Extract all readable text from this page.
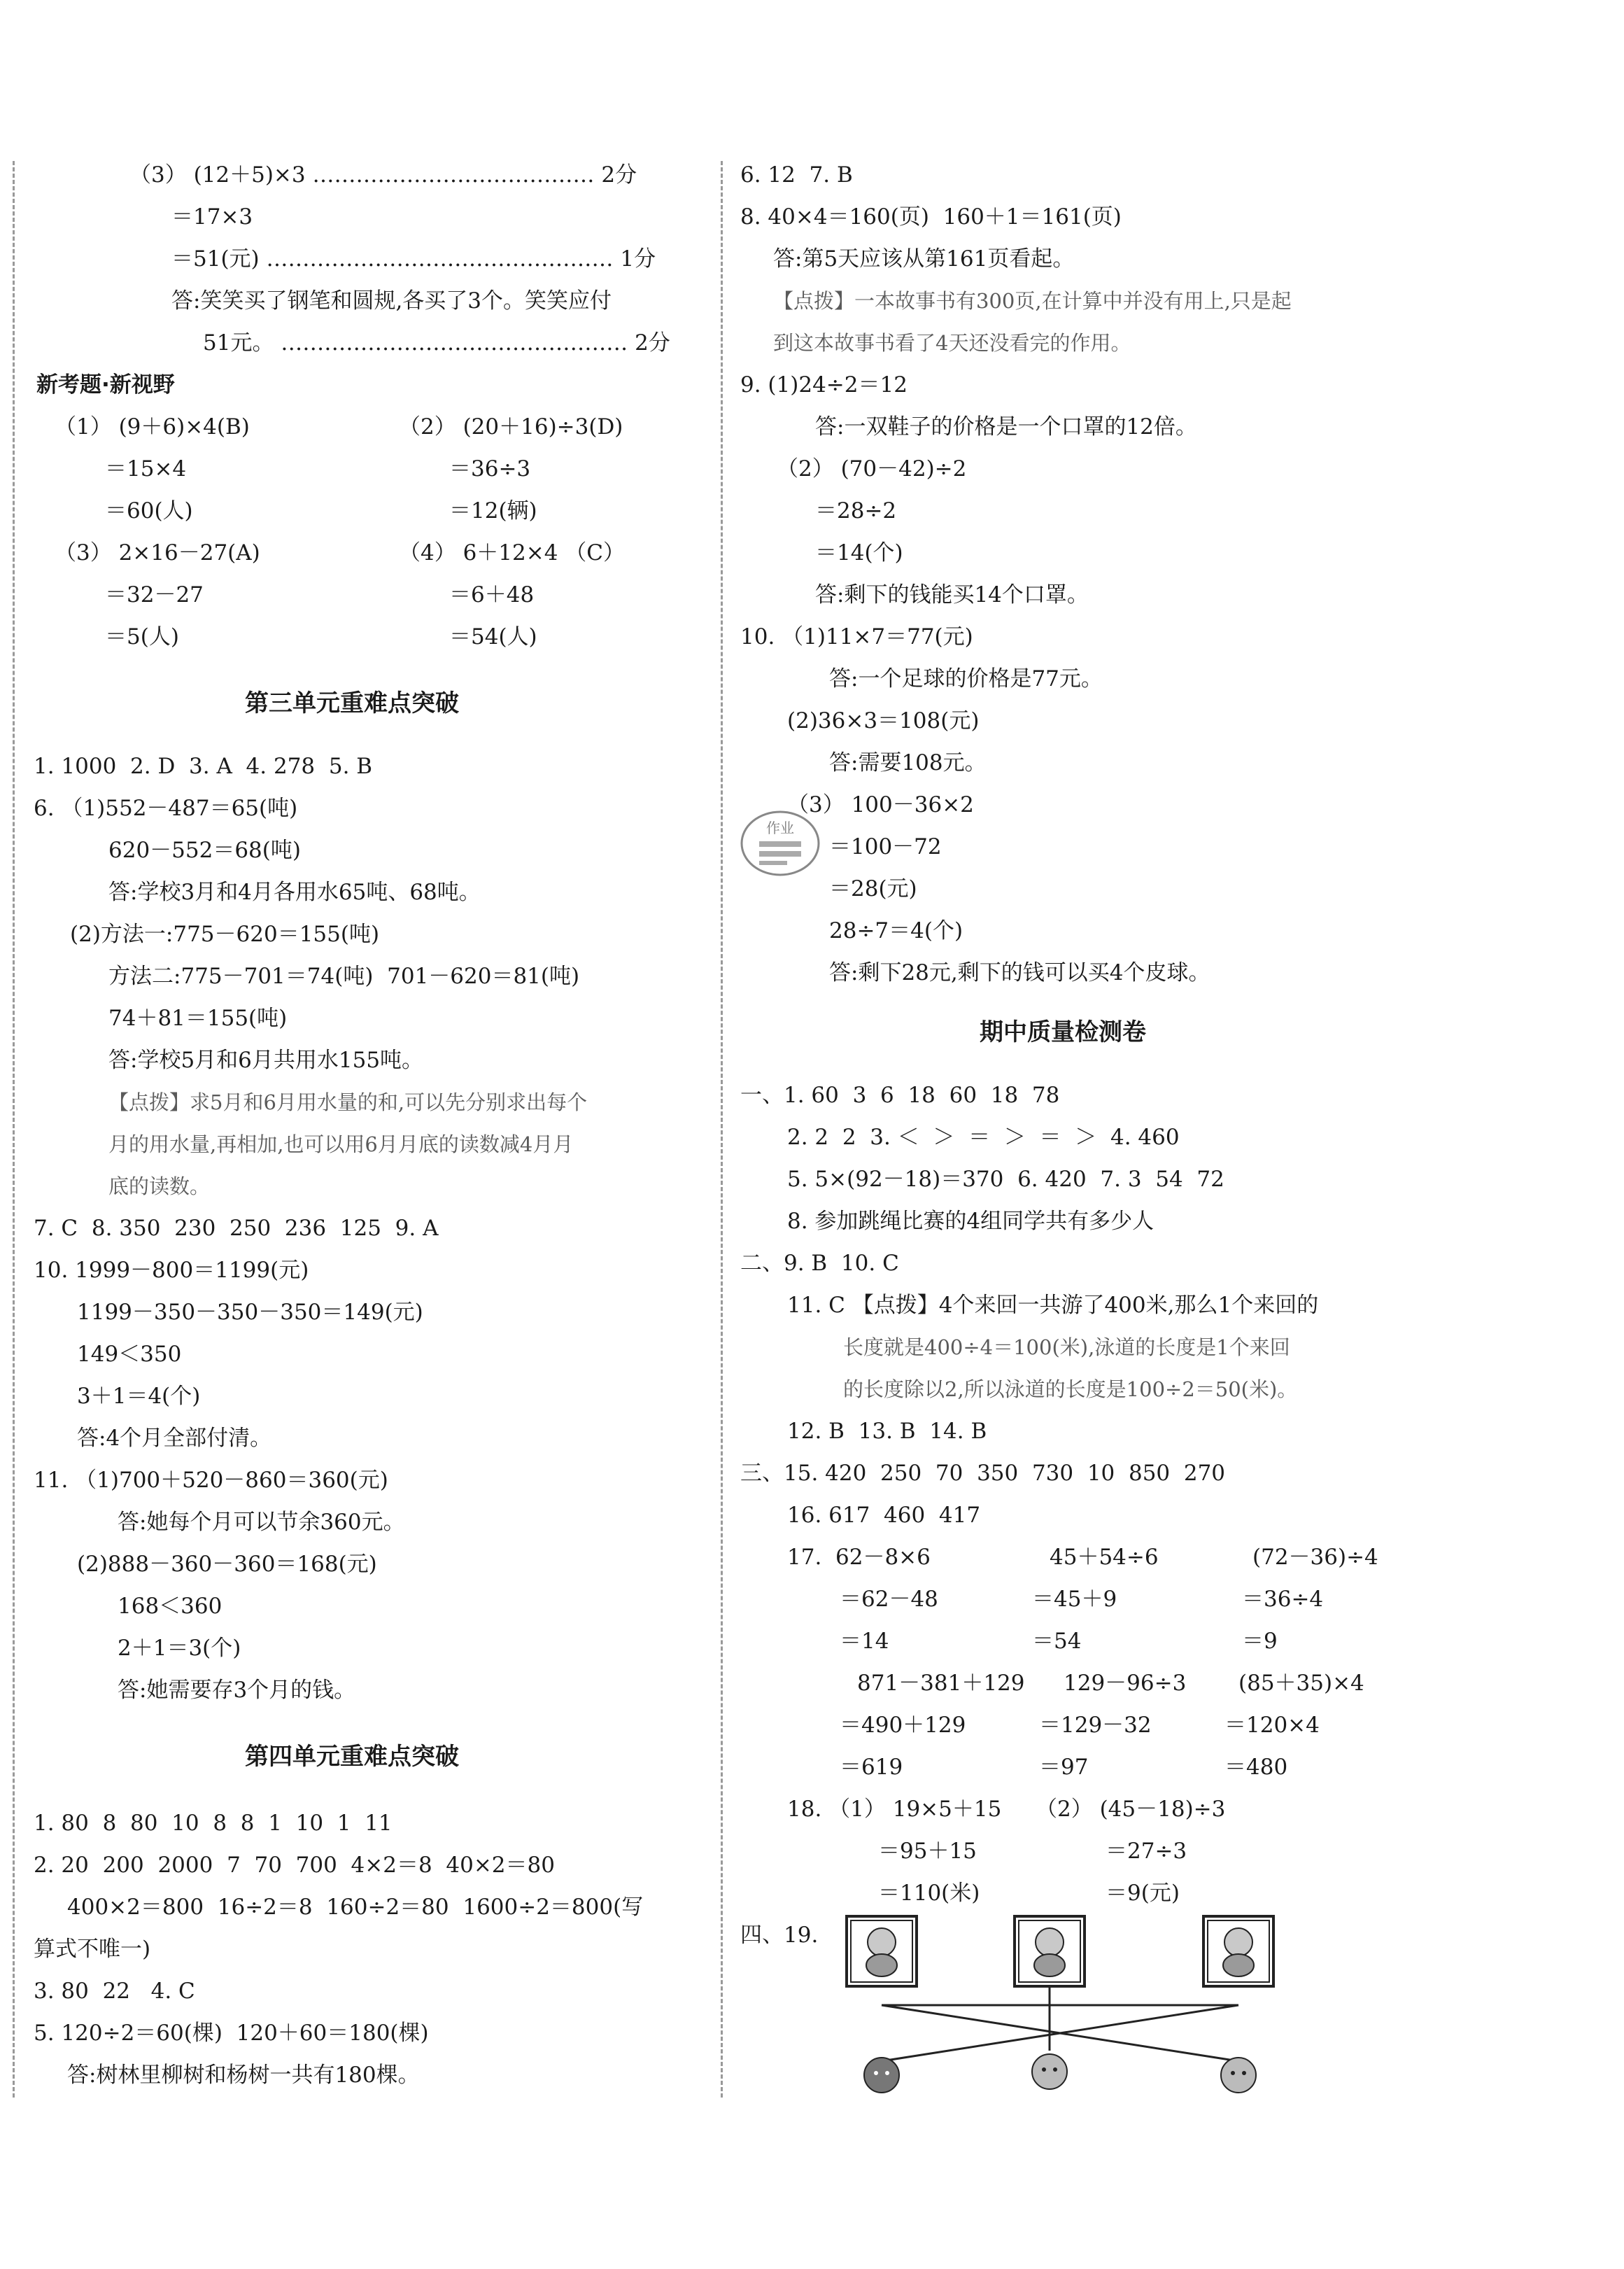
（3） (12＋5)×3 ………………………………… 2分
＝17×3
＝51(元) ………………………………………… 1分
答:笑笑买了钢笔和圆规,各买了3个。笑笑应付
51元。 ………………………………………… 2分
新考题·新视野
（1） (9＋6)×4(B)	（2） (20＋16)÷3(D)
＝15×4	＝36÷3
＝60(人)	＝12(辆)
（3） 2×16－27(A)	（4） 6＋12×4 （C）
＝32－27	＝6＋48
＝5(人)	＝54(人)
第三单元重难点突破
1. 1000  2. D  3. A  4. 278  5. B
6. （1)552－487＝65(吨)
620－552＝68(吨)
答:学校3月和4月各用水65吨、68吨。
(2)方法一:775－620＝155(吨)
方法二:775－701＝74(吨)  701－620＝81(吨)
74＋81＝155(吨)
答:学校5月和6月共用水155吨。
【点拨】求5月和6月用水量的和,可以先分别求出每个
月的用水量,再相加,也可以用6月月底的读数减4月月
底的读数。
7. C  8. 350  230  250  236  125  9. A
10. 1999－800＝1199(元)
1199－350－350－350＝149(元)
149＜350
3＋1＝4(个)
答:4个月全部付清。
11. （1)700＋520－860＝360(元)
答:她每个月可以节余360元。
(2)888－360－360＝168(元)
168＜360
2＋1＝3(个)
答:她需要存3个月的钱。
第四单元重难点突破
1. 80  8  80  10  8  8  1  10  1  11
2. 20  200  2000  7  70  700  4×2＝8  40×2＝80
400×2＝800  16÷2＝8  160÷2＝80  1600÷2＝800(写
算式不唯一)
3. 80  22   4. C
5. 120÷2＝60(棵)  120＋60＝180(棵)
答:树林里柳树和杨树一共有180棵。
6. 12  7. B
8. 40×4＝160(页)  160＋1＝161(页)
答:第5天应该从第161页看起。
【点拨】一本故事书有300页,在计算中并没有用上,只是起
到这本故事书看了4天还没看完的作用。
9. (1)24÷2＝12
答:一双鞋子的价格是一个口罩的12倍。
（2） (70－42)÷2
＝28÷2
＝14(个)
答:剩下的钱能买14个口罩。
10. （1)11×7＝77(元)
答:一个足球的价格是77元。
(2)36×3＝108(元)
答:需要108元。
（3） 100－36×2
＝100－72
＝28(元)
28÷7＝4(个)
答:剩下28元,剩下的钱可以买4个皮球。
期中质量检测卷
一、1. 60  3  6  18  60  18  78
2. 2  2  3. ＜  ＞  ＝  ＞  ＝  ＞  4. 460
5. 5×(92－18)＝370  6. 420  7. 3  54  72
8. 参加跳绳比赛的4组同学共有多少人
二、9. B  10. C
11. C 【点拨】4个来回一共游了400米,那么1个来回的
长度就是400÷4＝100(米),泳道的长度是1个来回
的长度除以2,所以泳道的长度是100÷2＝50(米)。
12. B  13. B  14. B
三、15. 420  250  70  350  730  10  850  270
16. 617  460  417
17.  62－8×6	45＋54÷6	(72－36)÷4
＝62－48	＝45＋9	＝36÷4
＝14	＝54	＝9
871－381＋129 129－96÷3 (85＋35)×4
＝490＋129	＝129－32	＝120×4
＝619	＝97	＝480
18. （1） 19×5＋15 （2） (45－18)÷3
＝95＋15	＝27÷3
＝110(米)	＝9(元)
四、19.
作业
